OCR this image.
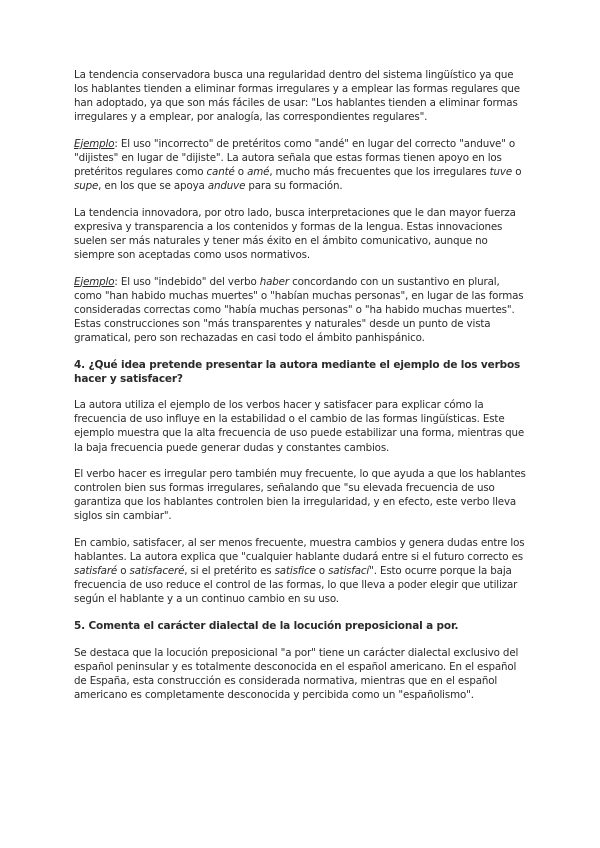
La tendencia conservadora busca una regularidad dentro del sistema lingüístico ya que los hablantes tienden a eliminar formas irregulares y a emplear las formas regulares que han adoptado, ya que son más fáciles de usar: "Los hablantes tienden a eliminar formas irregulares y a emplear, por analogía, las correspondientes regulares".

Ejemplo: El uso "incorrecto" de pretéritos como "andé" en lugar del correcto "anduve" o "dijistes" en lugar de "dijiste". La autora señala que estas formas tienen apoyo en los pretéritos regulares como canté o amé, mucho más frecuentes que los irregulares tuve o supe, en los que se apoya anduve para su formación.

La tendencia innovadora, por otro lado, busca interpretaciones que le dan mayor fuerza expresiva y transparencia a los contenidos y formas de la lengua. Estas innovaciones suelen ser más naturales y tener más éxito en el ámbito comunicativo, aunque no siempre son aceptadas como usos normativos.

Ejemplo: El uso "indebido" del verbo haber concordando con un sustantivo en plural, como "han habido muchas muertes" o "habían muchas personas", en lugar de las formas consideradas correctas como "había muchas personas" o "ha habido muchas muertes". Estas construcciones son "más transparentes y naturales" desde un punto de vista gramatical, pero son rechazadas en casi todo el ámbito panhispánico.

4. ¿Qué idea pretende presentar la autora mediante el ejemplo de los verbos hacer y satisfacer?

La autora utiliza el ejemplo de los verbos hacer y satisfacer para explicar cómo la frecuencia de uso influye en la estabilidad o el cambio de las formas lingüísticas. Este ejemplo muestra que la alta frecuencia de uso puede estabilizar una forma, mientras que la baja frecuencia puede generar dudas y constantes cambios.

El verbo hacer es irregular pero también muy frecuente, lo que ayuda a que los hablantes controlen bien sus formas irregulares, señalando que "su elevada frecuencia de uso garantiza que los hablantes controlen bien la irregularidad, y en efecto, este verbo lleva siglos sin cambiar".

En cambio, satisfacer, al ser menos frecuente, muestra cambios y genera dudas entre los hablantes. La autora explica que "cualquier hablante dudará entre si el futuro correcto es satisfaré o satisfaceré, si el pretérito es satisfice o satisfací". Esto ocurre porque la baja frecuencia de uso reduce el control de las formas, lo que lleva a poder elegir que utilizar según el hablante y a un continuo cambio en su uso.

5. Comenta el carácter dialectal de la locución preposicional a por.

Se destaca que la locución preposicional "a por" tiene un carácter dialectal exclusivo del español peninsular y es totalmente desconocida en el español americano. En el español de España, esta construcción es considerada normativa, mientras que en el español americano es completamente desconocida y percibida como un "españolismo".
